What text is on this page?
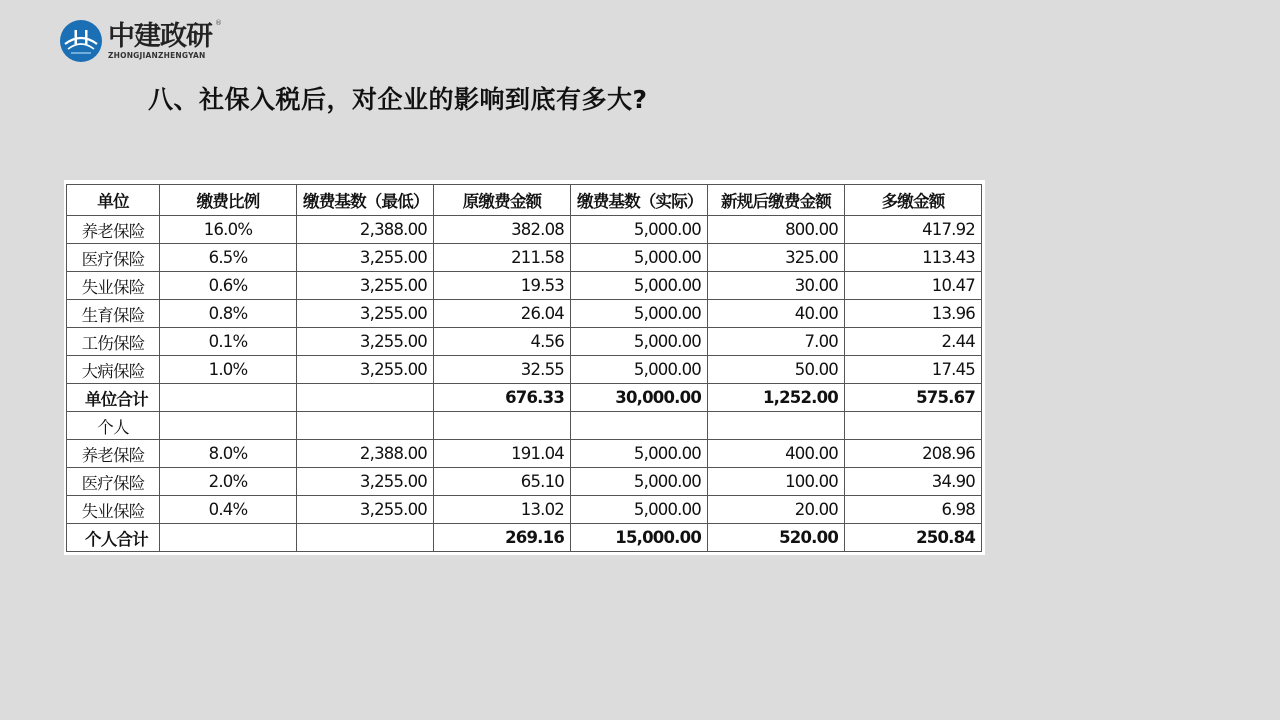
中建政研 ®
ZHONGJIANZHENGYAN
八、社保入税后，对企业的影响到底有多大?
单位	缴费比例	缴费基数（最低）	原缴费金额	缴费基数（实际）	新规后缴费金额	多缴金额
养老保险	16.0%	2,388.00	382.08	5,000.00	800.00	417.92
医疗保险	6.5%	3,255.00	211.58	5,000.00	325.00	113.43
失业保险	0.6%	3,255.00	19.53	5,000.00	30.00	10.47
生育保险	0.8%	3,255.00	26.04	5,000.00	40.00	13.96
工伤保险	0.1%	3,255.00	4.56	5,000.00	7.00	2.44
大病保险	1.0%	3,255.00	32.55	5,000.00	50.00	17.45
单位合计			676.33	30,000.00	1,252.00	575.67
个人						
养老保险	8.0%	2,388.00	191.04	5,000.00	400.00	208.96
医疗保险	2.0%	3,255.00	65.10	5,000.00	100.00	34.90
失业保险	0.4%	3,255.00	13.02	5,000.00	20.00	6.98
个人合计			269.16	15,000.00	520.00	250.84
